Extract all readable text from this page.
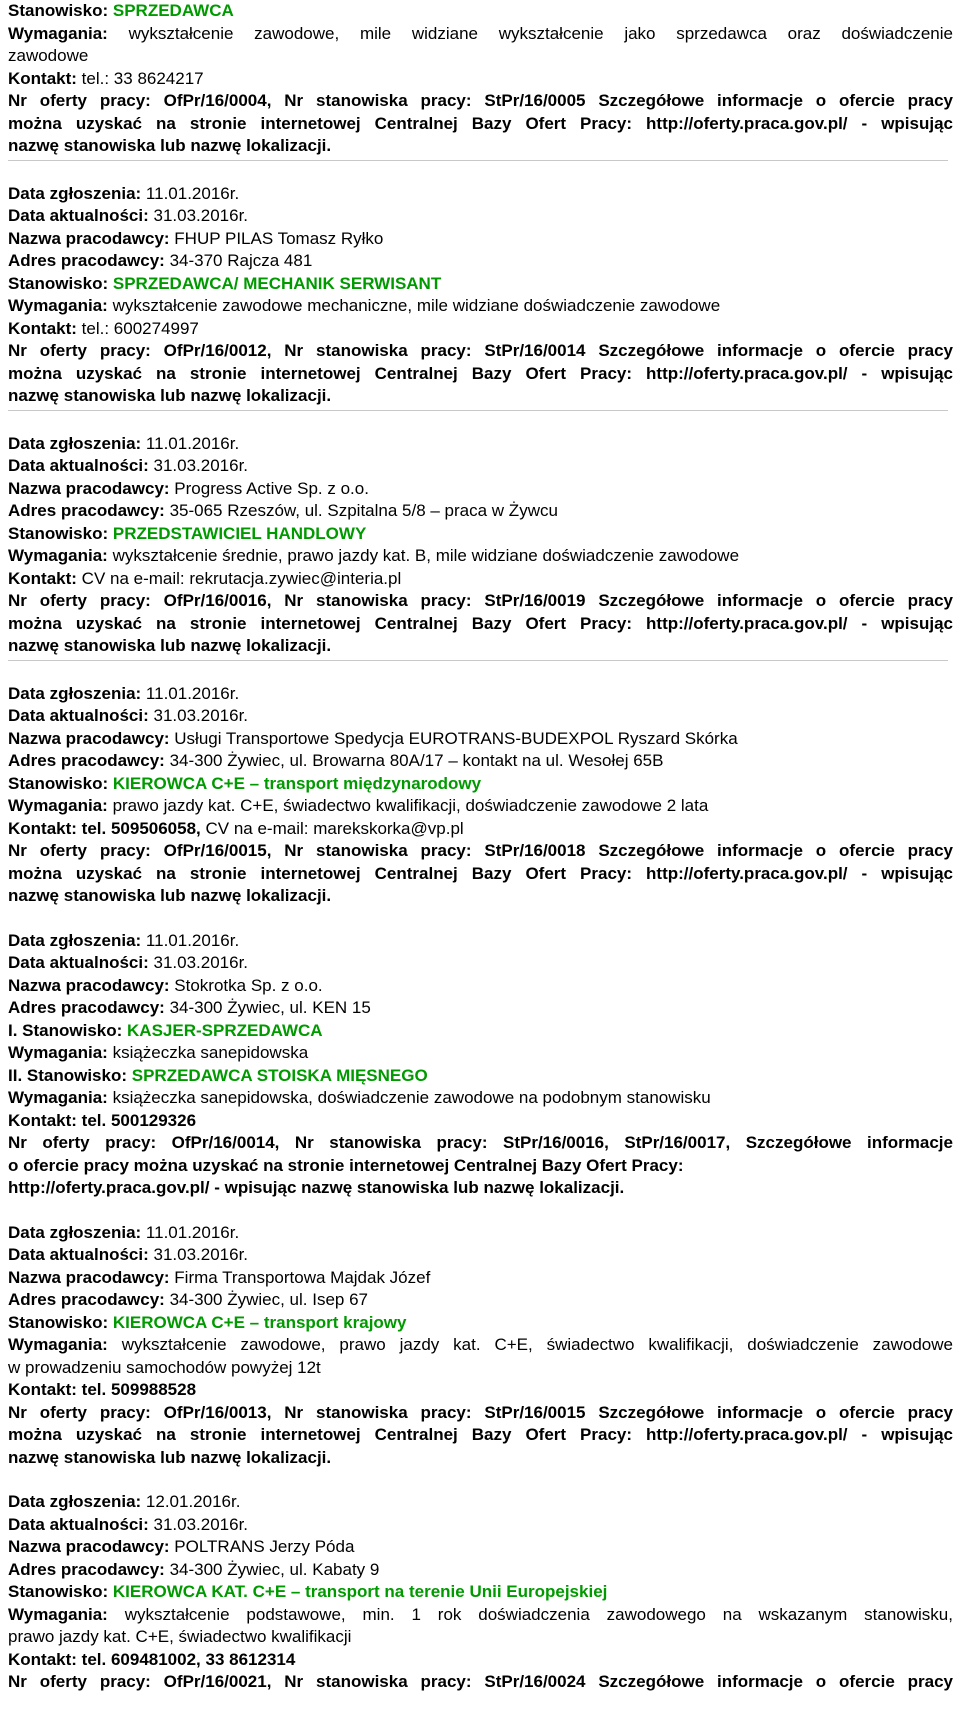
Stanowisko: SPRZEDAWCA
Wymagania: wykształcenie zawodowe, mile widziane wykształcenie jako sprzedawca oraz doświadczenie
zawodowe
Kontakt: tel.: 33 8624217
Nr oferty pracy: OfPr/16/0004, Nr stanowiska pracy: StPr/16/0005 Szczegółowe informacje o ofercie pracy
można uzyskać na stronie internetowej Centralnej Bazy Ofert Pracy: http://oferty.praca.gov.pl/ - wpisując
nazwę stanowiska lub nazwę lokalizacji.
Data zgłoszenia: 11.01.2016r.
Data aktualności: 31.03.2016r.
Nazwa pracodawcy: FHUP PILAS Tomasz Ryłko
Adres pracodawcy: 34-370 Rajcza 481
Stanowisko: SPRZEDAWCA/ MECHANIK SERWISANT
Wymagania: wykształcenie zawodowe mechaniczne, mile widziane doświadczenie zawodowe
Kontakt: tel.: 600274997
Nr oferty pracy: OfPr/16/0012, Nr stanowiska pracy: StPr/16/0014 Szczegółowe informacje o ofercie pracy
można uzyskać na stronie internetowej Centralnej Bazy Ofert Pracy: http://oferty.praca.gov.pl/ - wpisując
nazwę stanowiska lub nazwę lokalizacji.
Data zgłoszenia: 11.01.2016r.
Data aktualności: 31.03.2016r.
Nazwa pracodawcy: Progress Active Sp. z o.o.
Adres pracodawcy: 35-065 Rzeszów, ul. Szpitalna 5/8 – praca w Żywcu
Stanowisko: PRZEDSTAWICIEL HANDLOWY
Wymagania: wykształcenie średnie, prawo jazdy kat. B, mile widziane doświadczenie zawodowe
Kontakt: CV na e-mail: rekrutacja.zywiec@interia.pl
Nr oferty pracy: OfPr/16/0016, Nr stanowiska pracy: StPr/16/0019 Szczegółowe informacje o ofercie pracy
można uzyskać na stronie internetowej Centralnej Bazy Ofert Pracy: http://oferty.praca.gov.pl/ - wpisując
nazwę stanowiska lub nazwę lokalizacji.
Data zgłoszenia: 11.01.2016r.
Data aktualności: 31.03.2016r.
Nazwa pracodawcy: Usługi Transportowe Spedycja EUROTRANS-BUDEXPOL Ryszard Skórka
Adres pracodawcy: 34-300 Żywiec, ul. Browarna 80A/17 – kontakt na ul. Wesołej 65B
Stanowisko: KIEROWCA C+E – transport międzynarodowy
Wymagania: prawo jazdy kat. C+E, świadectwo kwalifikacji, doświadczenie zawodowe 2 lata
Kontakt: tel. 509506058, CV na e-mail: marekskorka@vp.pl
Nr oferty pracy: OfPr/16/0015, Nr stanowiska pracy: StPr/16/0018 Szczegółowe informacje o ofercie pracy
można uzyskać na stronie internetowej Centralnej Bazy Ofert Pracy: http://oferty.praca.gov.pl/ - wpisując
nazwę stanowiska lub nazwę lokalizacji.
Data zgłoszenia: 11.01.2016r.
Data aktualności: 31.03.2016r.
Nazwa pracodawcy: Stokrotka Sp. z o.o.
Adres pracodawcy: 34-300 Żywiec, ul. KEN 15
I. Stanowisko: KASJER-SPRZEDAWCA
Wymagania: książeczka sanepidowska
II. Stanowisko: SPRZEDAWCA STOISKA MIĘSNEGO
Wymagania: książeczka sanepidowska, doświadczenie zawodowe na podobnym stanowisku
Kontakt: tel. 500129326
Nr oferty pracy: OfPr/16/0014, Nr stanowiska pracy: StPr/16/0016, StPr/16/0017, Szczegółowe informacje
o ofercie pracy można uzyskać na stronie internetowej Centralnej Bazy Ofert Pracy:
http://oferty.praca.gov.pl/ - wpisując nazwę stanowiska lub nazwę lokalizacji.
Data zgłoszenia: 11.01.2016r.
Data aktualności: 31.03.2016r.
Nazwa pracodawcy: Firma Transportowa Majdak Józef
Adres pracodawcy: 34-300 Żywiec, ul. Isep 67
Stanowisko: KIEROWCA C+E – transport krajowy
Wymagania: wykształcenie zawodowe, prawo jazdy kat. C+E, świadectwo kwalifikacji, doświadczenie zawodowe
w prowadzeniu samochodów powyżej 12t
Kontakt: tel. 509988528
Nr oferty pracy: OfPr/16/0013, Nr stanowiska pracy: StPr/16/0015 Szczegółowe informacje o ofercie pracy
można uzyskać na stronie internetowej Centralnej Bazy Ofert Pracy: http://oferty.praca.gov.pl/ - wpisując
nazwę stanowiska lub nazwę lokalizacji.
Data zgłoszenia: 12.01.2016r.
Data aktualności: 31.03.2016r.
Nazwa pracodawcy: POLTRANS Jerzy Póda
Adres pracodawcy: 34-300 Żywiec, ul. Kabaty 9
Stanowisko: KIEROWCA KAT. C+E – transport na terenie Unii Europejskiej
Wymagania: wykształcenie podstawowe, min. 1 rok doświadczenia zawodowego na wskazanym stanowisku,
prawo jazdy kat. C+E, świadectwo kwalifikacji
Kontakt: tel. 609481002, 33 8612314
Nr oferty pracy: OfPr/16/0021, Nr stanowiska pracy: StPr/16/0024 Szczegółowe informacje o ofercie pracy
